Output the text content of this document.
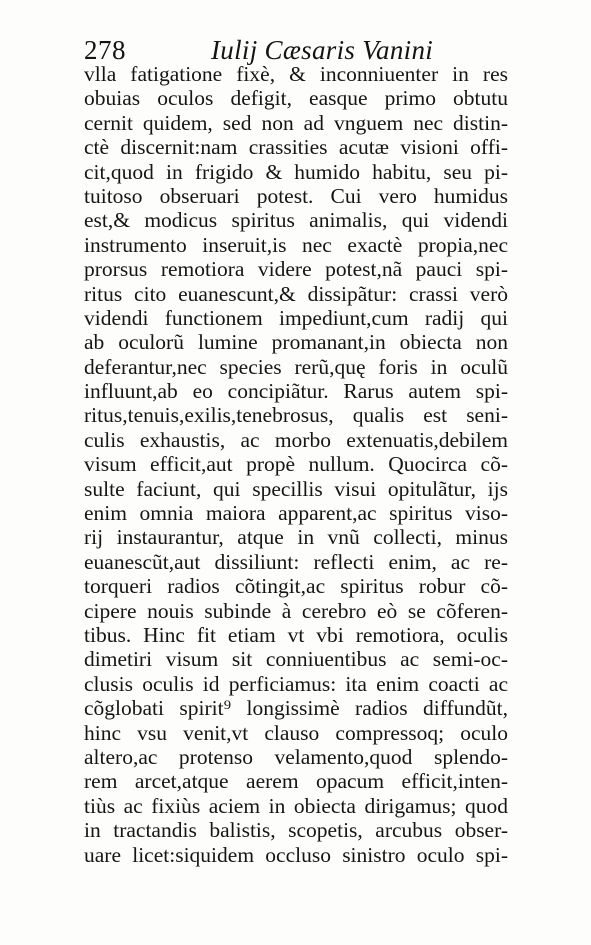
278	Iulij Cæsaris Vanini
vlla fatigatione fixè, & inconniuenter in res
obuias oculos defigit, easque primo obtutu
cernit quidem, sed non ad vnguem nec distin-
ctè discernit:nam crassities acutæ visioni offi-
cit,quod in frigido & humido habitu, seu pi-
tuitoso obseruari potest. Cui vero humidus
est,& modicus spiritus animalis, qui videndi
instrumento inseruit,is nec exactè propia,nec
prorsus remotiora videre potest,nã pauci spi-
ritus cito euanescunt,& dissipãtur: crassi verò
videndi functionem impediunt,cum radij qui
ab oculorũ lumine promanant,in obiecta non
deferantur,nec species rerũ,quę foris in oculũ
influunt,ab eo concipiãtur. Rarus autem spi-
ritus,tenuis,exilis,tenebrosus, qualis est seni-
culis exhaustis, ac morbo extenuatis,debilem
visum efficit,aut propè nullum. Quocirca cõ-
sulte faciunt, qui specillis visui opitulãtur, ijs
enim omnia maiora apparent,ac spiritus viso-
rij instaurantur, atque in vnũ collecti, minus
euanescũt,aut dissiliunt: reflecti enim, ac re-
torqueri radios cõtingit,ac spiritus robur cõ-
cipere nouis subinde à cerebro eò se cõferen-
tibus. Hinc fit etiam vt vbi remotiora, oculis
dimetiri visum sit conniuentibus ac semi-oc-
clusis oculis id perficiamus: ita enim coacti ac
cõglobati spirit⁹ longissimè radios diffundũt,
hinc vsu venit,vt clauso compressoq; oculo
altero,ac protenso velamento,quod splendo-
rem arcet,atque aerem opacum efficit,inten-
tiùs ac fixiùs aciem in obiecta dirigamus; quod
in tractandis balistis, scopetis, arcubus obser-
uare licet:siquidem occluso sinistro oculo spi-
